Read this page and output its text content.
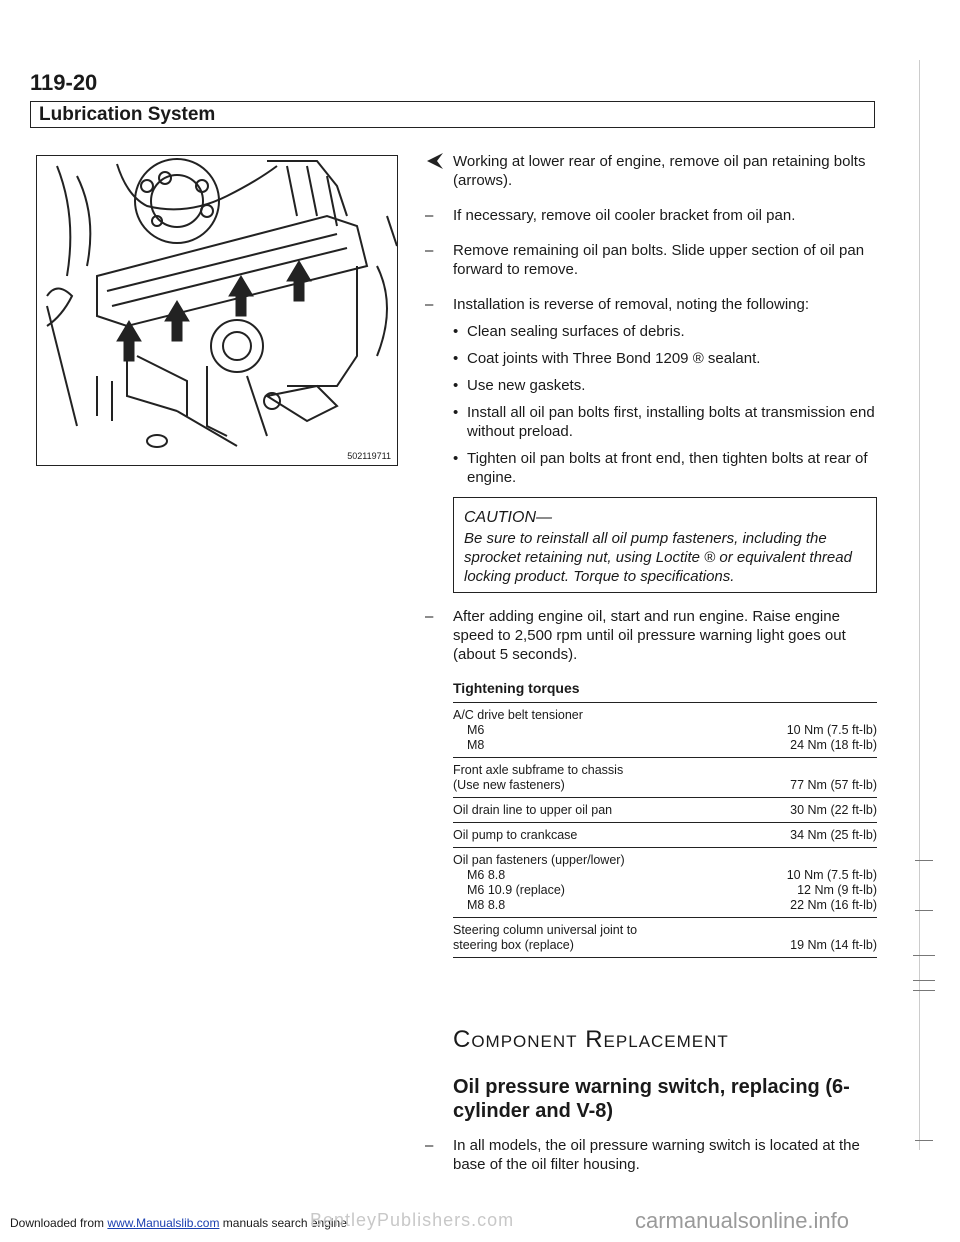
119-20
Lubrication System
502119711
Working at lower rear of engine, remove oil pan retaining bolts (arrows).
– If necessary, remove oil cooler bracket from oil pan.
– Remove remaining oil pan bolts. Slide upper section of oil pan forward to remove.
– Installation is reverse of removal, noting the following:
• Clean sealing surfaces of debris.
• Coat joints with Three Bond 1209 ® sealant.
• Use new gaskets.
• Install all oil pan bolts first, installing bolts at transmission end without preload.
• Tighten oil pan bolts at front end, then tighten bolts at rear of engine.
CAUTION—
Be sure to reinstall all oil pump fasteners, including the sprocket retaining nut, using Loctite ® or equivalent thread locking product. Torque to specifications.
– After adding engine oil, start and run engine. Raise engine speed to 2,500 rpm until oil pressure warning light goes out (about 5 seconds).
Tightening torques
A/C drive belt tensioner
M6	10 Nm (7.5 ft-lb)
M8	24 Nm (18 ft-lb)
Front axle subframe to chassis
(Use new fasteners)	77 Nm (57 ft-lb)
Oil drain line to upper oil pan	30 Nm (22 ft-lb)
Oil pump to crankcase	34 Nm (25 ft-lb)
Oil pan fasteners (upper/lower)
M6 8.8	10 Nm (7.5 ft-lb)
M6 10.9 (replace)	12 Nm (9 ft-lb)
M8 8.8	22 Nm (16 ft-lb)
Steering column universal joint to
steering box (replace)	19 Nm (14 ft-lb)
Component Replacement
Oil pressure warning switch, replacing (6-cylinder and V-8)
– In all models, the oil pressure warning switch is located at the base of the oil filter housing.
Downloaded from www.Manualslib.com manuals search engine
BentleyPublishers.com	carmanualsonline.info
